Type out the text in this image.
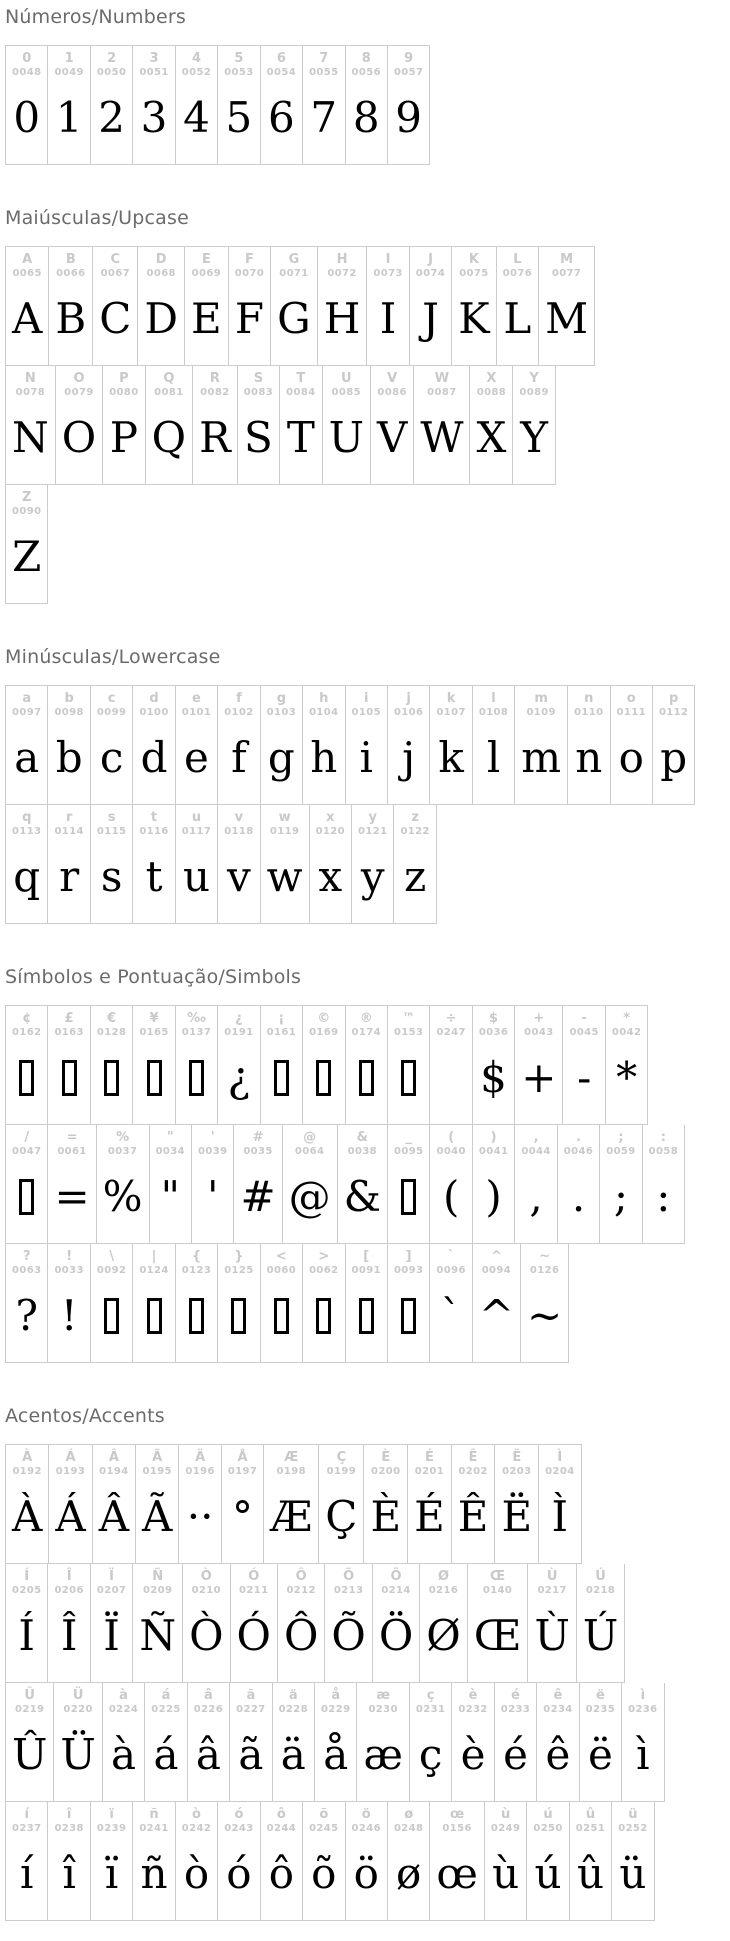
Números/Numbers
0
0048
0
1
0049
1
2
0050
2
3
0051
3
4
0052
4
5
0053
5
6
0054
6
7
0055
7
8
0056
8
9
0057
9
Maiúsculas/Upcase
A
0065
A
B
0066
B
C
0067
C
D
0068
D
E
0069
E
F
0070
F
G
0071
G
H
0072
H
I
0073
I
J
0074
J
K
0075
K
L
0076
L
M
0077
M
N
0078
N
O
0079
O
P
0080
P
Q
0081
Q
R
0082
R
S
0083
S
T
0084
T
U
0085
U
V
0086
V
W
0087
W
X
0088
X
Y
0089
Y
Z
0090
Z
Minúsculas/Lowercase
a
0097
a
b
0098
b
c
0099
c
d
0100
d
e
0101
e
f
0102
f
g
0103
g
h
0104
h
i
0105
i
j
0106
j
k
0107
k
l
0108
l
m
0109
m
n
0110
n
o
0111
o
p
0112
p
q
0113
q
r
0114
r
s
0115
s
t
0116
t
u
0117
u
v
0118
v
w
0119
w
x
0120
x
y
0121
y
z
0122
z
Símbolos e Pontuação/Simbols
¢
0162
£
0163
€
0128
¥
0165
‰
0137
¿
0191
¿
¡
0161
©
0169
®
0174
™
0153
÷
0247
$
0036
$
+
0043
+
-
0045
-
*
0042
*
/
0047
=
0061
=
%
0037
%
"
0034
"
'
0039
'
#
0035
#
@
0064
@
&
0038
&
_
0095
(
0040
(
)
0041
)
,
0044
,
.
0046
.
;
0059
;
:
0058
:
?
0063
?
!
0033
!
\
0092
|
0124
{
0123
}
0125
<
0060
>
0062
[
0091
]
0093
`
0096
`
^
0094
^
~
0126
~
Acentos/Accents
À
0192
À
Á
0193
Á
Â
0194
Â
Ã
0195
Ã
Ä
0196
··
Å
0197
°
Æ
0198
Æ
Ç
0199
Ç
È
0200
È
É
0201
É
Ê
0202
Ê
Ë
0203
Ë
Ì
0204
Ì
Í
0205
Í
Î
0206
Î
Ï
0207
Ï
Ñ
0209
Ñ
Ò
0210
Ò
Ó
0211
Ó
Ô
0212
Ô
Õ
0213
Õ
Ö
0214
Ö
Ø
0216
Ø
Œ
0140
Œ
Ù
0217
Ù
Ú
0218
Ú
Û
0219
Û
Ü
0220
Ü
à
0224
à
á
0225
á
â
0226
â
ã
0227
ã
ä
0228
ä
å
0229
å
æ
0230
æ
ç
0231
ç
è
0232
è
é
0233
é
ê
0234
ê
ë
0235
ë
ì
0236
ì
í
0237
í
î
0238
î
ï
0239
ï
ñ
0241
ñ
ò
0242
ò
ó
0243
ó
ô
0244
ô
õ
0245
õ
ö
0246
ö
ø
0248
ø
œ
0156
œ
ù
0249
ù
ú
0250
ú
û
0251
û
ü
0252
ü
